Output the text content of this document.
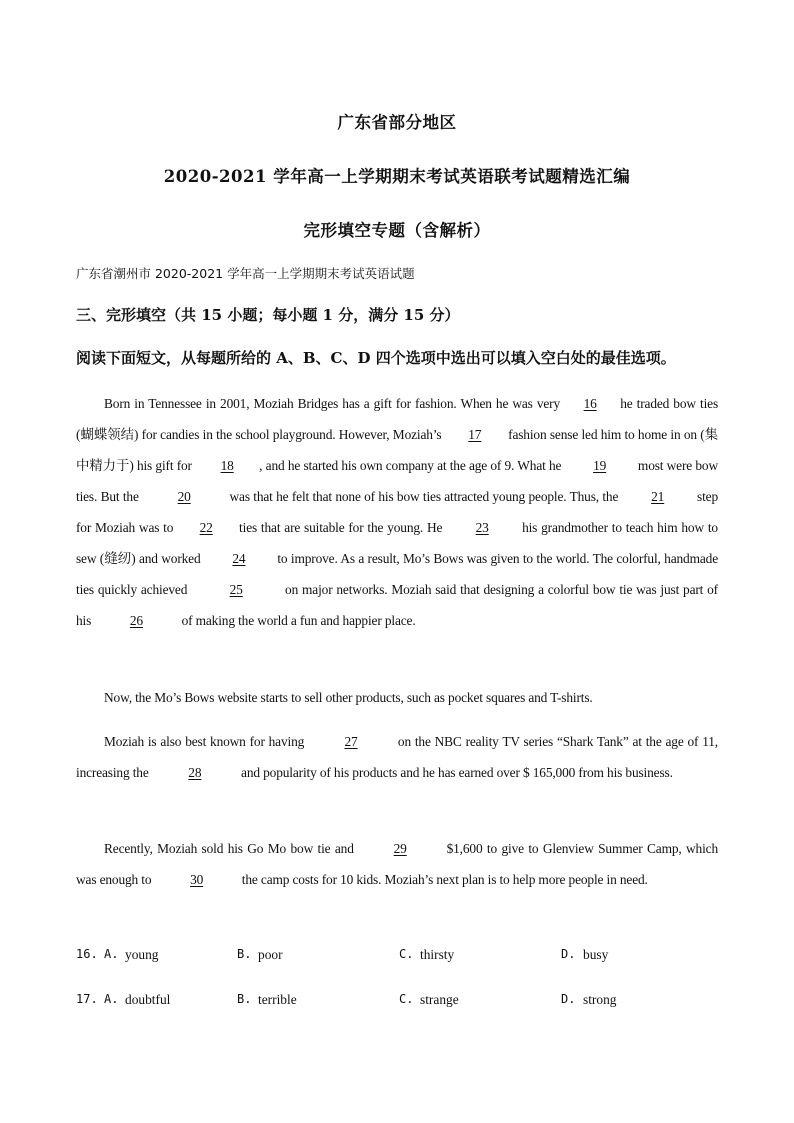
广东省部分地区
2020-2021 学年高一上学期期末考试英语联考试题精选汇编
完形填空专题（含解析）
广东省潮州市 2020-2021 学年高一上学期期末考试英语试题
三、完形填空（共 15 小题；每小题 1 分，满分 15 分）
阅读下面短文，从每题所给的 A、B、C、D 四个选项中选出可以填入空白处的最佳选项。
Born in Tennessee in 2001, Moziah Bridges has a gift for fashion. When he was very 16 he traded bow ties (蝴蝶领结) for candies in the school playground. However, Moziah’s 17 fashion sense led him to home in on (集中精力于) his gift for 18 , and he started his own company at the age of 9. What he 19 most were bow ties. But the	20	was that he felt that none of his bow ties attracted young people. Thus, the 21 step for Moziah was to 22 ties that are suitable for the young. He 23 his grandmother to teach him how to sew (缝纫) and worked 24 to improve. As a result, Mo’s Bows was given to the world. The colorful, handmade ties quickly achieved	25	on major networks. Moziah said that designing a colorful bow tie was just part of his	26	of making the world a fun and happier place.
Now, the Mo’s Bows website starts to sell other products, such as pocket squares and T-shirts.
Moziah is also best known for having	27	on the NBC reality TV series “Shark Tank” at the age of 11, increasing the	28	and popularity of his products and he has earned over $ 165,000 from his business.
Recently, Moziah sold his Go Mo bow tie and	29	$1,600 to give to Glenview Summer Camp, which was enough to	30	the camp costs for 10 kids. Moziah’s next plan is to help more people in need.
16. A. young	B. poor	C. thirsty	D. busy
17. A. doubtful	B. terrible	C. strange	D. strong
